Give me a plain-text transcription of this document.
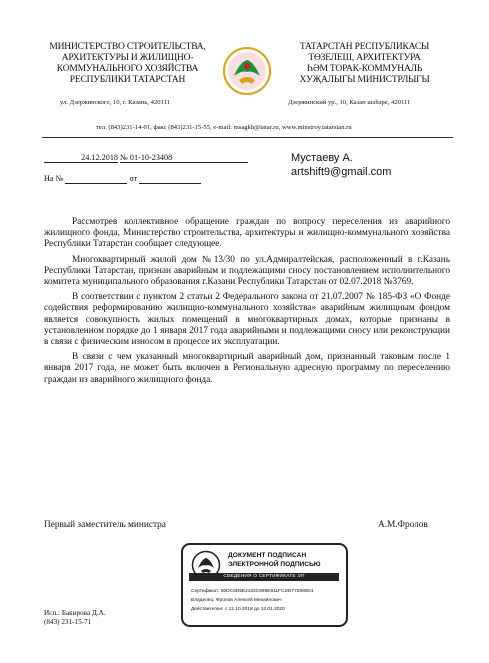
МИНИСТЕРСТВО СТРОИТЕЛЬСТВА,
АРХИТЕКТУРЫ И ЖИЛИЩНО-
КОММУНАЛЬНОГО ХОЗЯЙСТВА
РЕСПУБЛИКИ ТАТАРСТАН
ТАТАРСТАН РЕСПУБЛИКАСЫ
ТӨЗЕЛЕШ, АРХИТЕКТУРА
ҺӘМ ТОРАК-КОММУНАЛЬ
ХУҖАЛЫГЫ МИНИСТРЛЫГЫ
ул. Дзержинского, 10, г. Казань, 420111	Дзержинский ур., 10, Казан шәһәре, 420111
тел. (843)231-14-01, факс (843)231-15-55, e-mail: msagkh@tatar.ru, www.minstroy.tatarstan.ru
24.12.2018 № 01-10-23408
На №	от
Мустаеву А.
artshift9@gmail.com

Рассмотрев коллективное обращение граждан по вопросу переселения из аварийного жилищного фонда, Министерство строительства, архитектуры и жилищно-коммунального хозяйства Республики Татарстан сообщает следующее.

Многоквартирный жилой дом №13/30 по ул.Адмиралтейская, расположенный в г.Казань Республики Татарстан, признан аварийным и подлежащими сносу постановлением исполнительного комитета муниципального образования г.Казани Республики Татарстан от 02.07.2018 №3769.

В соответствии с пунктом 2 статьи 2 Федерального закона от 21.07.2007 № 185-ФЗ «О Фонде содействия реформированию жилищно-коммунального хозяйства» аварийным жилищным фондом является совокупность жилых помещений в многоквартирных домах, которые признаны в установленном порядке до 1 января 2017 года аварийными и подлежащими сносу или реконструкции в связи с физическим износом в процессе их эксплуатации.

В связи с чем указанный многоквартирный аварийный дом, признанный таковым после 1 января 2017 года, не может быть включен в Региональную адресную программу по переселению граждан из аварийного жилищного фонда.

Первый заместитель министра	А.М.Фролов
ДОКУМЕНТ ПОДПИСАН
ЭЛЕКТРОННОЙ ПОДПИСЬЮ
СВЕДЕНИЯ О СЕРТИФИКАТЕ ЭП
Сертификат: 50DC6D5E2102C898E811FCDD772880D1
Владелец: Фролов Алексей Михайлович
Действителен: с 12.10.2018 до 12.01.2020
Исп.: Бакирова Д.А.
(843) 231-15-71
